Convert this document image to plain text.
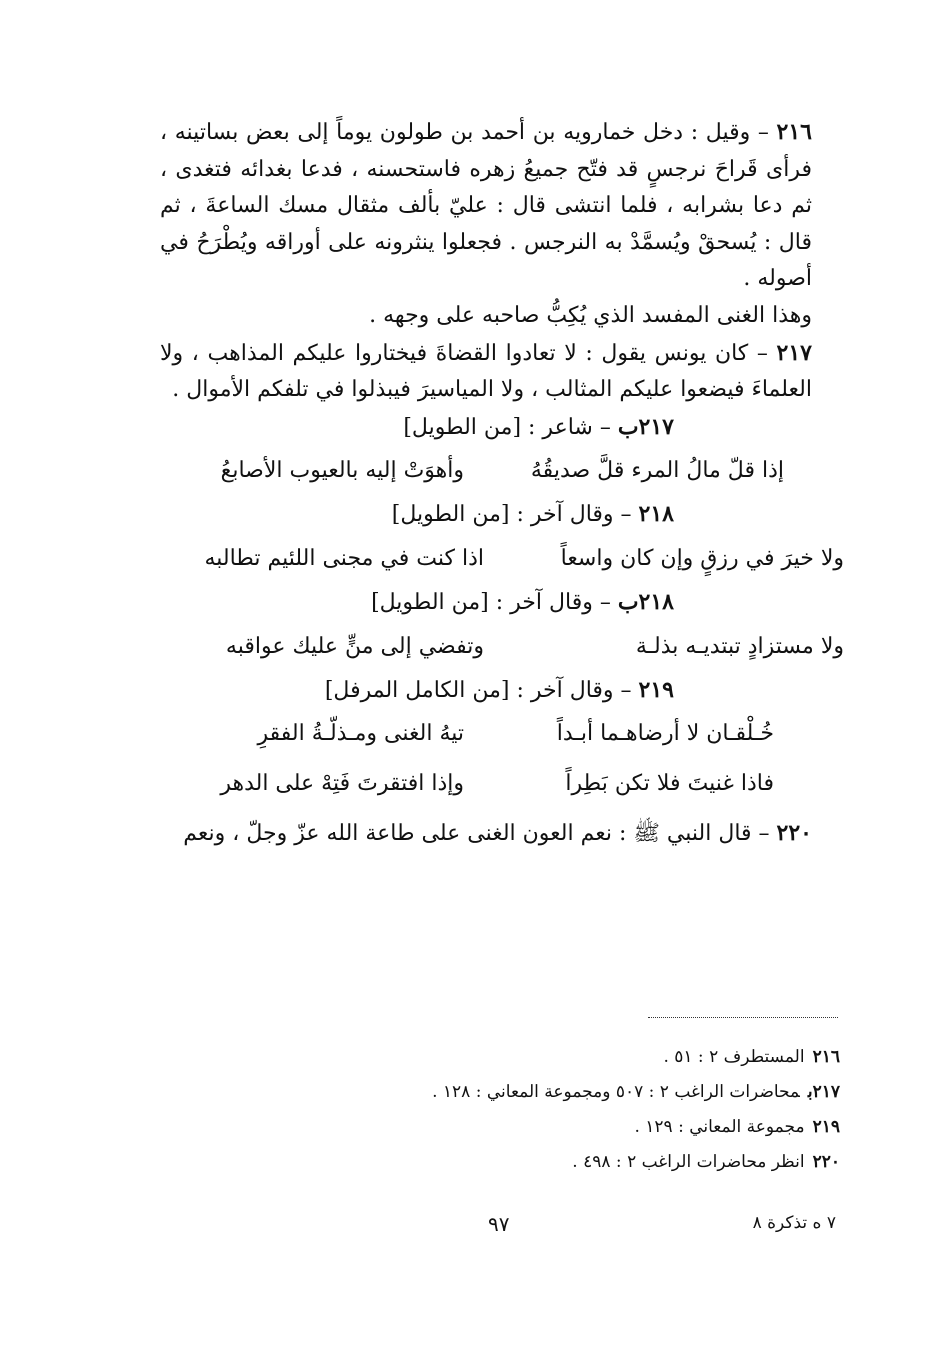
٢١٦ – وقيل : دخل خمارويه بن أحمد بن طولون يوماً إلى بعض بساتينه ، فرأى قَراحَ نرجسٍ قد فتّح جميعُ زهره فاستحسنه ، فدعا بغدائه فتغدى ، ثم دعا بشرابه ، فلما انتشى قال : عليّ بألف مثقال مسك الساعةَ ، ثم قال : يُسحقْ ويُسمَّدْ به النرجس . فجعلوا ينثرونه على أوراقه ويُطْرَحُ في أصوله .

وهذا الغنى المفسد الذي يُكِبُّ صاحبه على وجهه .

٢١٧ – كان يونس يقول : لا تعادوا القضاةَ فيختاروا عليكم المذاهب ، ولا العلماءَ فيضعوا عليكم المثالب ، ولا المياسيرَ فيبذلوا في تلفكم الأموال .

٢١٧ب – شاعر : [من الطويل]

إذا قلّ مالُ المرء قلَّ صديقُهُ
وأهوَتْ إليه بالعيوب الأصابعُ

٢١٨ – وقال آخر : [من الطويل]

ولا خيرَ في رزقٍ وإن كان واسعاً
اذا كنت في مجنى اللئيم تطالبه

٢١٨ب – وقال آخر : [من الطويل]

ولا مستزادٍ تبتديـه بذلـة
وتفضي إلى منٍّ عليك عواقبه

٢١٩ – وقال آخر : [من الكامل المرفل]

خُـلْقـان لا أرضاهـما أبـداً
تيهُ الغنى ومـذلّـةُ الفقرِ
فاذا غنيتَ فلا تكن بَطِراً
وإذا افتقرتَ فَتِهْ على الدهر

٢٢٠ – قال النبي ﷺ : نعم العون الغنى على طاعة الله عزّ وجلّ ، ونعم

٢١٦المستطرف ٢ : ٥١ .

٢١٧بمحاضرات الراغب ٢ : ٥٠٧ ومجموعة المعاني : ١٢٨ .

٢١٩مجموعة المعاني : ١٢٩ .

٢٢٠انظر محاضرات الراغب ٢ : ٤٩٨ .

٩٧	٧ ه تذكرة ٨
